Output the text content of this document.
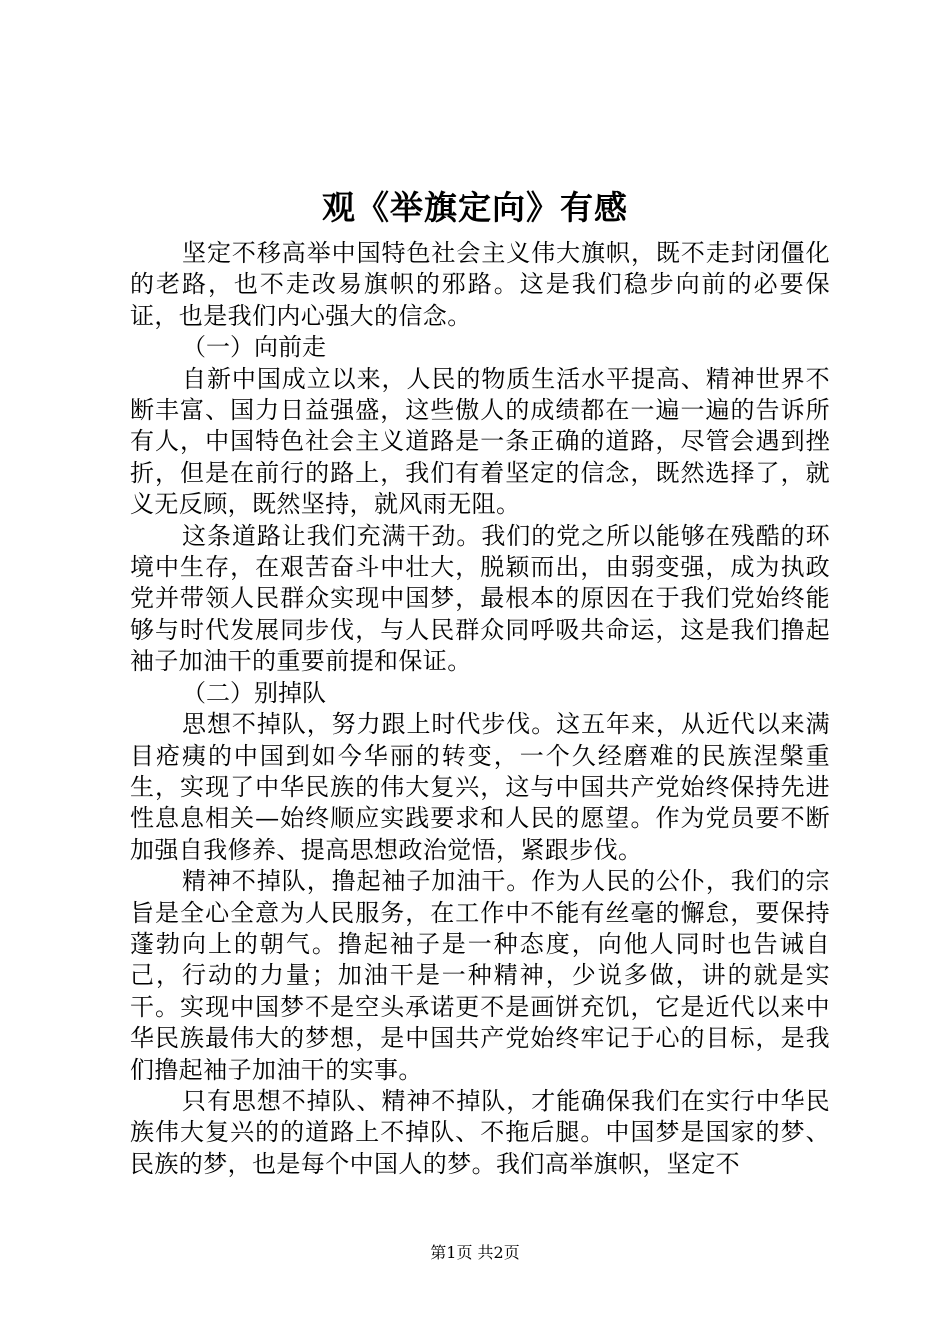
观《举旗定向》有感

坚定不移高举中国特色社会主义伟大旗帜，既不走封闭僵化的老路，也不走改易旗帜的邪路。这是我们稳步向前的必要保证，也是我们内心强大的信念。

（一）向前走

自新中国成立以来，人民的物质生活水平提高、精神世界不断丰富、国力日益强盛，这些傲人的成绩都在一遍一遍的告诉所有人，中国特色社会主义道路是一条正确的道路，尽管会遇到挫折，但是在前行的路上，我们有着坚定的信念，既然选择了，就义无反顾，既然坚持，就风雨无阻。

这条道路让我们充满干劲。我们的党之所以能够在残酷的环境中生存，在艰苦奋斗中壮大，脱颖而出，由弱变强，成为执政党并带领人民群众实现中国梦，最根本的原因在于我们党始终能够与时代发展同步伐，与人民群众同呼吸共命运，这是我们撸起袖子加油干的重要前提和保证。

（二）别掉队

思想不掉队，努力跟上时代步伐。这五年来，从近代以来满目疮痍的中国到如今华丽的转变，一个久经磨难的民族涅槃重生，实现了中华民族的伟大复兴，这与中国共产党始终保持先进性息息相关—始终顺应实践要求和人民的愿望。作为党员要不断加强自我修养、提高思想政治觉悟，紧跟步伐。

精神不掉队，撸起袖子加油干。作为人民的公仆，我们的宗旨是全心全意为人民服务，在工作中不能有丝毫的懈怠，要保持蓬勃向上的朝气。撸起袖子是一种态度，向他人同时也告诫自己，行动的力量；加油干是一种精神，少说多做，讲的就是实干。实现中国梦不是空头承诺更不是画饼充饥，它是近代以来中华民族最伟大的梦想，是中国共产党始终牢记于心的目标，是我们撸起袖子加油干的实事。

只有思想不掉队、精神不掉队，才能确保我们在实行中华民族伟大复兴的的道路上不掉队、不拖后腿。中国梦是国家的梦、民族的梦，也是每个中国人的梦。我们高举旗帜，坚定不

第1页 共2页
